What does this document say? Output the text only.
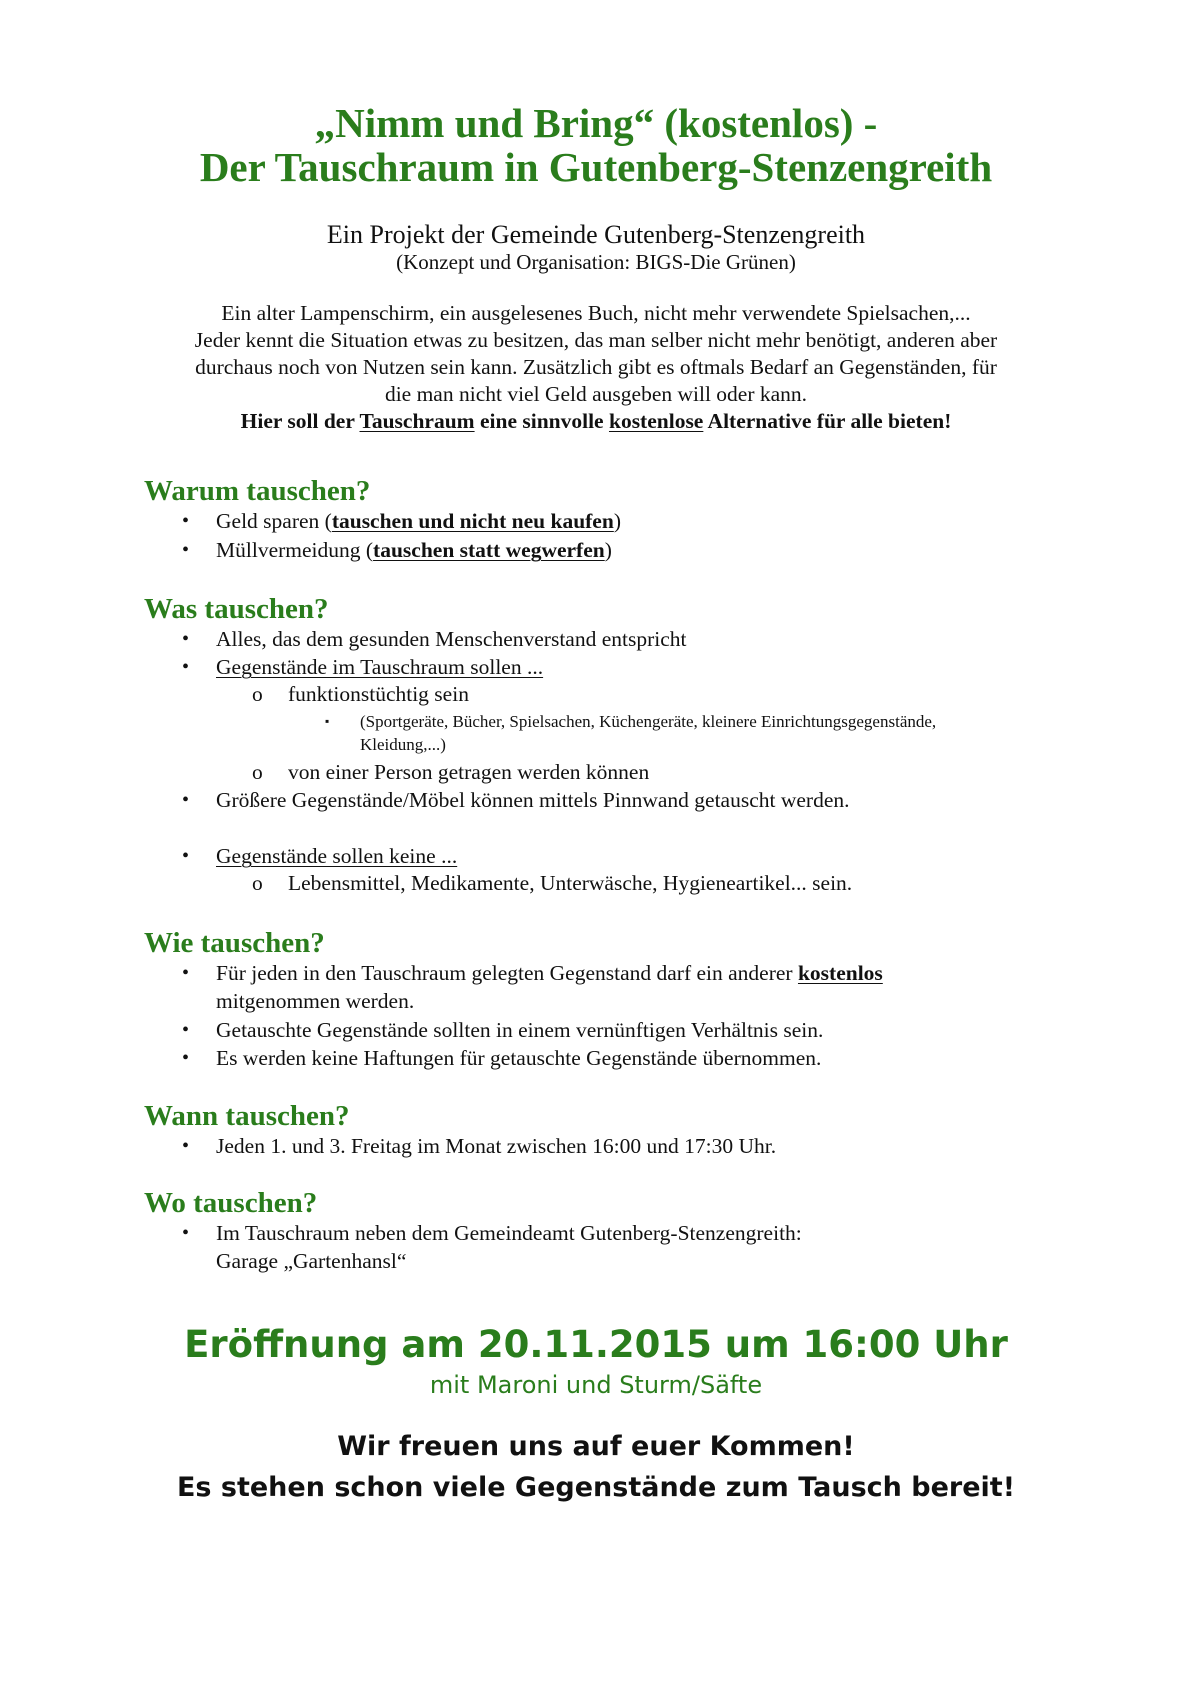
„Nimm und Bring“ (kostenlos) -
Der Tauschraum in Gutenberg-Stenzengreith
Ein Projekt der Gemeinde Gutenberg-Stenzengreith
(Konzept und Organisation: BIGS-Die Grünen)
Ein alter Lampenschirm, ein ausgelesenes Buch, nicht mehr verwendete Spielsachen,...
Jeder kennt die Situation etwas zu besitzen, das man selber nicht mehr benötigt, anderen aber
durchaus noch von Nutzen sein kann. Zusätzlich gibt es oftmals Bedarf an Gegenständen, für
die man nicht viel Geld ausgeben will oder kann.
Hier soll der Tauschraum eine sinnvolle kostenlose Alternative für alle bieten!
Warum tauschen?
• Geld sparen (tauschen und nicht neu kaufen)
• Müllvermeidung (tauschen statt wegwerfen)
Was tauschen?
• Alles, das dem gesunden Menschenverstand entspricht
• Gegenstände im Tauschraum sollen ...
o funktionstüchtig sein
▪ (Sportgeräte, Bücher, Spielsachen, Küchengeräte, kleinere Einrichtungsgegenstände,
Kleidung,...)
o von einer Person getragen werden können
• Größere Gegenstände/Möbel können mittels Pinnwand getauscht werden.
• Gegenstände sollen keine ...
o Lebensmittel, Medikamente, Unterwäsche, Hygieneartikel... sein.
Wie tauschen?
• Für jeden in den Tauschraum gelegten Gegenstand darf ein anderer kostenlos
mitgenommen werden.
• Getauschte Gegenstände sollten in einem vernünftigen Verhältnis sein.
• Es werden keine Haftungen für getauschte Gegenstände übernommen.
Wann tauschen?
• Jeden 1. und 3. Freitag im Monat zwischen 16:00 und 17:30 Uhr.
Wo tauschen?
• Im Tauschraum neben dem Gemeindeamt Gutenberg-Stenzengreith:
Garage „Gartenhansl“
Eröffnung am 20.11.2015 um 16:00 Uhr
mit Maroni und Sturm/Säfte
Wir freuen uns auf euer Kommen!
Es stehen schon viele Gegenstände zum Tausch bereit!
